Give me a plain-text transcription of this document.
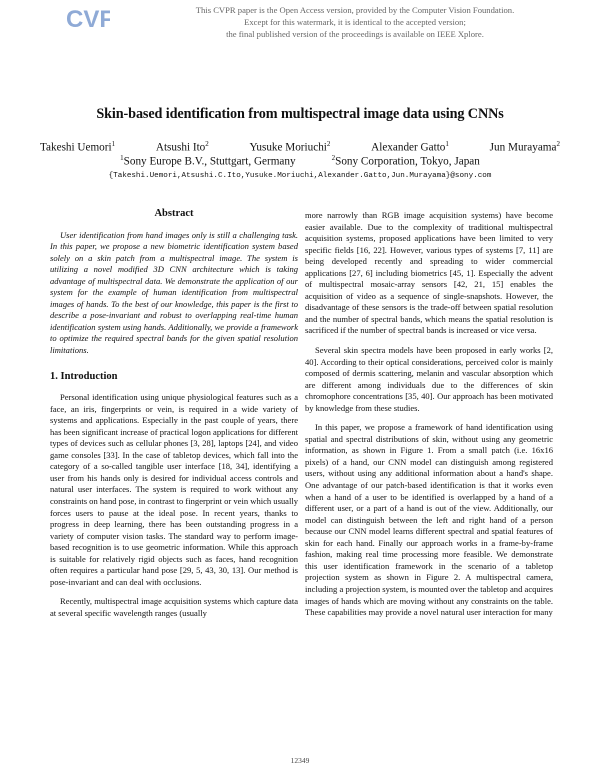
CVF	This CVPR paper is the Open Access version, provided by the Computer Vision Foundation.
Except for this watermark, it is identical to the accepted version;
the final published version of the proceedings is available on IEEE Xplore.
Skin-based identification from multispectral image data using CNNs
Takeshi Uemori$^1$	Atsushi Ito$^2$	Yusuke Moriuchi$^2$	Alexander Gatto$^1$	Jun Murayama$^2$
$^1$Sony Europe B.V., Stuttgart, Germany	$^2$Sony Corporation, Tokyo, Japan
{Takeshi.Uemori,Atsushi.C.Ito,Yusuke.Moriuchi,Alexander.Gatto,Jun.Murayama}@sony.com
Abstract

User identification from hand images only is still a challenging task. In this paper, we propose a new biometric identification system based solely on a skin patch from a multispectral image. The system is utilizing a novel modified 3D CNN architecture which is taking advantage of multispectral data. We demonstrate the application of our system for the example of human identification from multispectral images of hands. To the best of our knowledge, this paper is the first to describe a pose-invariant and robust to overlapping real-time human identification system using hands. Additionally, we provide a framework to optimize the required spectral bands for the given spatial resolution limitations.

1. Introduction

Personal identification using unique physiological features such as a face, an iris, fingerprints or vein, is required in a wide variety of systems and applications. Especially in the past couple of years, there has been significant increase of practical logon applications for different types of devices such as cellular phones [3, 28], laptops [24], and video game consoles [33]. In the case of tabletop devices, which fall into the category of a so-called tangible user interface [18, 34], identifying a user from his hands only is desired for individual access controls and natural user interfaces. The system is required to work without any constraints on hand pose, in contrast to fingerprint or vein which usually forces users to pause at the ideal pose. In recent years, thanks to progress in deep learning, there has been outstanding progress in a variety of computer vision tasks. The standard way to perform image-based recognition is to use geometric information. While this approach is suitable for relatively rigid objects such as faces, hand recognition often requires a particular hand pose [29, 5, 43, 30, 13]. Our method is pose-invariant and can deal with occlusions.

Recently, multispectral image acquisition systems which capture data at several specific wavelength ranges (usually

more narrowly than RGB image acquisition systems) have become easier available. Due to the complexity of traditional multispectral acquisition systems, proposed applications have been limited to very specific fields [16, 22]. However, various types of systems [7, 11] are being developed recently and spreading to wider commercial applications [27, 6] including biometrics [45, 1]. Especially the advent of multispectral mosaic-array sensors [42, 21, 15] enables the acquisition of video as a sequence of single-snapshots. However, the disadvantage of these sensors is the trade-off between spatial resolution and the number of spectral bands, which means the spatial resolution is sacrificed if the number of spectral bands is increased or vice versa.

Several skin spectra models have been proposed in early works [2, 40]. According to their optical considerations, perceived color is mainly composed of dermis scattering, melanin and vascular absorption which are different among individuals due to the differences of skin chromophore concentrations [35, 40]. Our approach has been motivated by knowledge from these studies.

In this paper, we propose a framework of hand identification using spatial and spectral distributions of skin, without using any geometric information, as shown in Figure 1. From a small patch (i.e. 16x16 pixels) of a hand, our CNN model can distinguish among registered users, without using any additional information about a hand's shape. One advantage of our patch-based identification is that it works even when a hand of a user to be identified is overlapped by a hand of a different user, or a part of a hand is out of the view. Additionally, our model can distinguish between the left and right hand of a person because our CNN model learns different spectral and spatial features of skin for each hand. Finally our approach works in a frame-by-frame fashion, making real time processing more feasible. We demonstrate this user identification framework in the scenario of a tabletop projection system as shown in Figure 2. A multispectral camera, including a projection system, is mounted over the tabletop and acquires images of hands which are moving without any constraints on the table. These capabilities may provide a novel natural user interaction for many

12349
